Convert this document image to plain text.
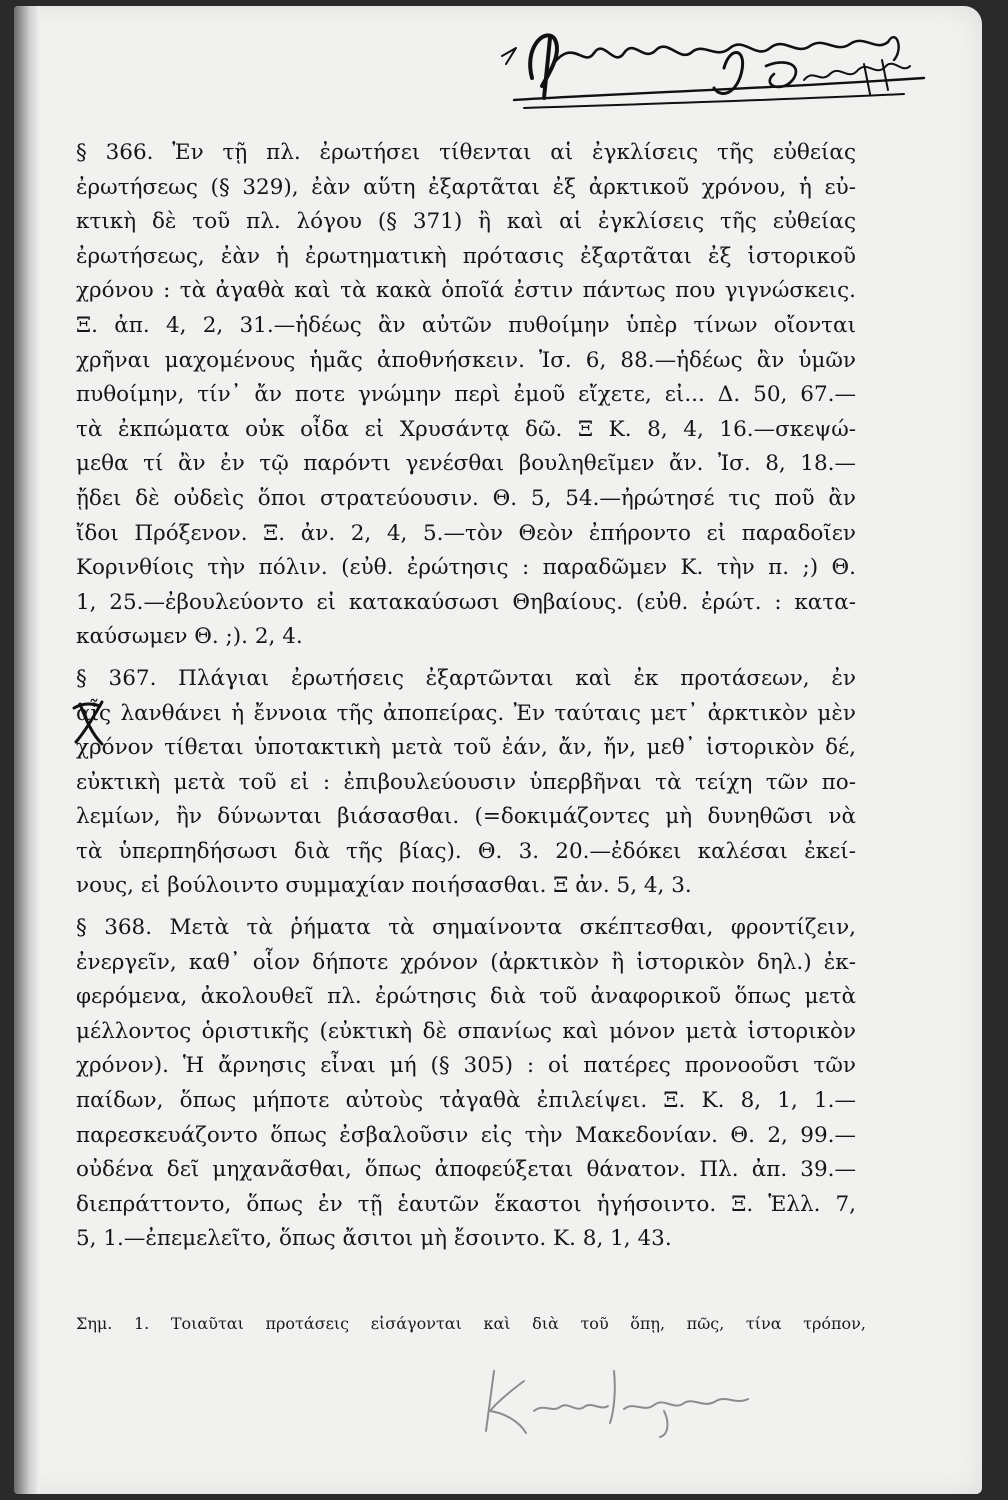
Μουνουσταρριάκη
§ 366. Ἐν τῇ πλ. ἐρωτήσει τίθενται αἱ ἐγκλίσεις τῆς εὐθείας
ἐρωτήσεως (§ 329), ἐὰν αὕτη ἐξαρτᾶται ἐξ ἀρκτικοῦ χρόνου, ἡ εὐ-
κτικὴ δὲ τοῦ πλ. λόγου (§ 371) ἢ καὶ αἱ ἐγκλίσεις τῆς εὐθείας
ἐρωτήσεως, ἐὰν ἡ ἐρωτηματικὴ πρότασις ἐξαρτᾶται ἐξ ἱστορικοῦ
χρόνου : τὰ ἀγαθὰ καὶ τὰ κακὰ ὁποῖά ἐστιν πάντως που γιγνώσκεις.
Ξ. ἀπ. 4, 2, 31.—ἡδέως ἂν αὐτῶν πυθοίμην ὑπὲρ τίνων οἴονται
χρῆναι μαχομένους ἡμᾶς ἀποθνήσκειν. Ἰσ. 6, 88.—ἡδέως ἂν ὑμῶν
πυθοίμην, τίν᾽ ἄν ποτε γνώμην περὶ ἐμοῦ εἴχετε, εἰ... Δ. 50, 67.—
τὰ ἐκπώματα οὐκ οἶδα εἰ Χρυσάντᾳ δῶ. Ξ Κ. 8, 4, 16.—σκεψώ-
μεθα τί ἂν ἐν τῷ παρόντι γενέσθαι βουληθεῖμεν ἄν. Ἰσ. 8, 18.—
ᾔδει δὲ οὐδεὶς ὅποι στρατεύουσιν. Θ. 5, 54.—ἠρώτησέ τις ποῦ ἂν
ἴδοι Πρόξενον. Ξ. ἀν. 2, 4, 5.—τὸν Θεὸν ἐπήροντο εἰ παραδοῖεν
Κορινθίοις τὴν πόλιν. (εὐθ. ἐρώτησις : παραδῶμεν Κ. τὴν π. ;) Θ.
1, 25.—ἐβουλεύοντο εἰ κατακαύσωσι Θηβαίους. (εὐθ. ἐρώτ. : κατα-
καύσωμεν Θ. ;). 2, 4.
§ 367. Πλάγιαι ἐρωτήσεις ἐξαρτῶνται καὶ ἐκ προτάσεων, ἐν
αἷς λανθάνει ἡ ἔννοια τῆς ἀποπείρας. Ἐν ταύταις μετ᾽ ἀρκτικὸν μὲν
χρόνον τίθεται ὑποτακτικὴ μετὰ τοῦ ἐάν, ἄν, ἤν, μεθ᾽ ἱστορικὸν δέ,
εὐκτικὴ μετὰ τοῦ εἰ : ἐπιβουλεύουσιν ὑπερβῆναι τὰ τείχη τῶν πο-
λεμίων, ἢν δύνωνται βιάσασθαι. (=δοκιμάζοντες μὴ δυνηθῶσι νὰ
τὰ ὑπερπηδήσωσι διὰ τῆς βίας). Θ. 3. 20.—ἐδόκει καλέσαι ἐκεί-
νους, εἰ βούλοιντο συμμαχίαν ποιήσασθαι. Ξ ἀν. 5, 4, 3.
§ 368. Μετὰ τὰ ῥήματα τὰ σημαίνοντα σκέπτεσθαι, φροντίζειν,
ἐνεργεῖν, καθ᾽ οἷον δήποτε χρόνον (ἀρκτικὸν ἢ ἱστορικὸν δηλ.) ἐκ-
φερόμενα, ἀκολουθεῖ πλ. ἐρώτησις διὰ τοῦ ἀναφορικοῦ ὅπως μετὰ
μέλλοντος ὁριστικῆς (εὐκτικὴ δὲ σπανίως καὶ μόνον μετὰ ἱστορικὸν
χρόνον). Ἡ ἄρνησις εἶναι μή (§ 305) : οἱ πατέρες προνοοῦσι τῶν
παίδων, ὅπως μήποτε αὐτοὺς τἀγαθὰ ἐπιλείψει. Ξ. Κ. 8, 1, 1.—
παρεσκευάζοντο ὅπως ἐσβαλοῦσιν εἰς τὴν Μακεδονίαν. Θ. 2, 99.—
οὐδένα δεῖ μηχανᾶσθαι, ὅπως ἀποφεύξεται θάνατον. Πλ. ἀπ. 39.—
διεπράττοντο, ὅπως ἐν τῇ ἑαυτῶν ἕκαστοι ἡγήσοιντο. Ξ. Ἑλλ. 7,
5, 1.—ἐπεμελεῖτο, ὅπως ἄσιτοι μὴ ἔσοιντο. Κ. 8, 1, 43.
Σημ. 1. Τοιαῦται προτάσεις εἰσάγονται καὶ διὰ τοῦ ὅπῃ, πῶς, τίνα τρόπον,
Κοινδυρογιακ
